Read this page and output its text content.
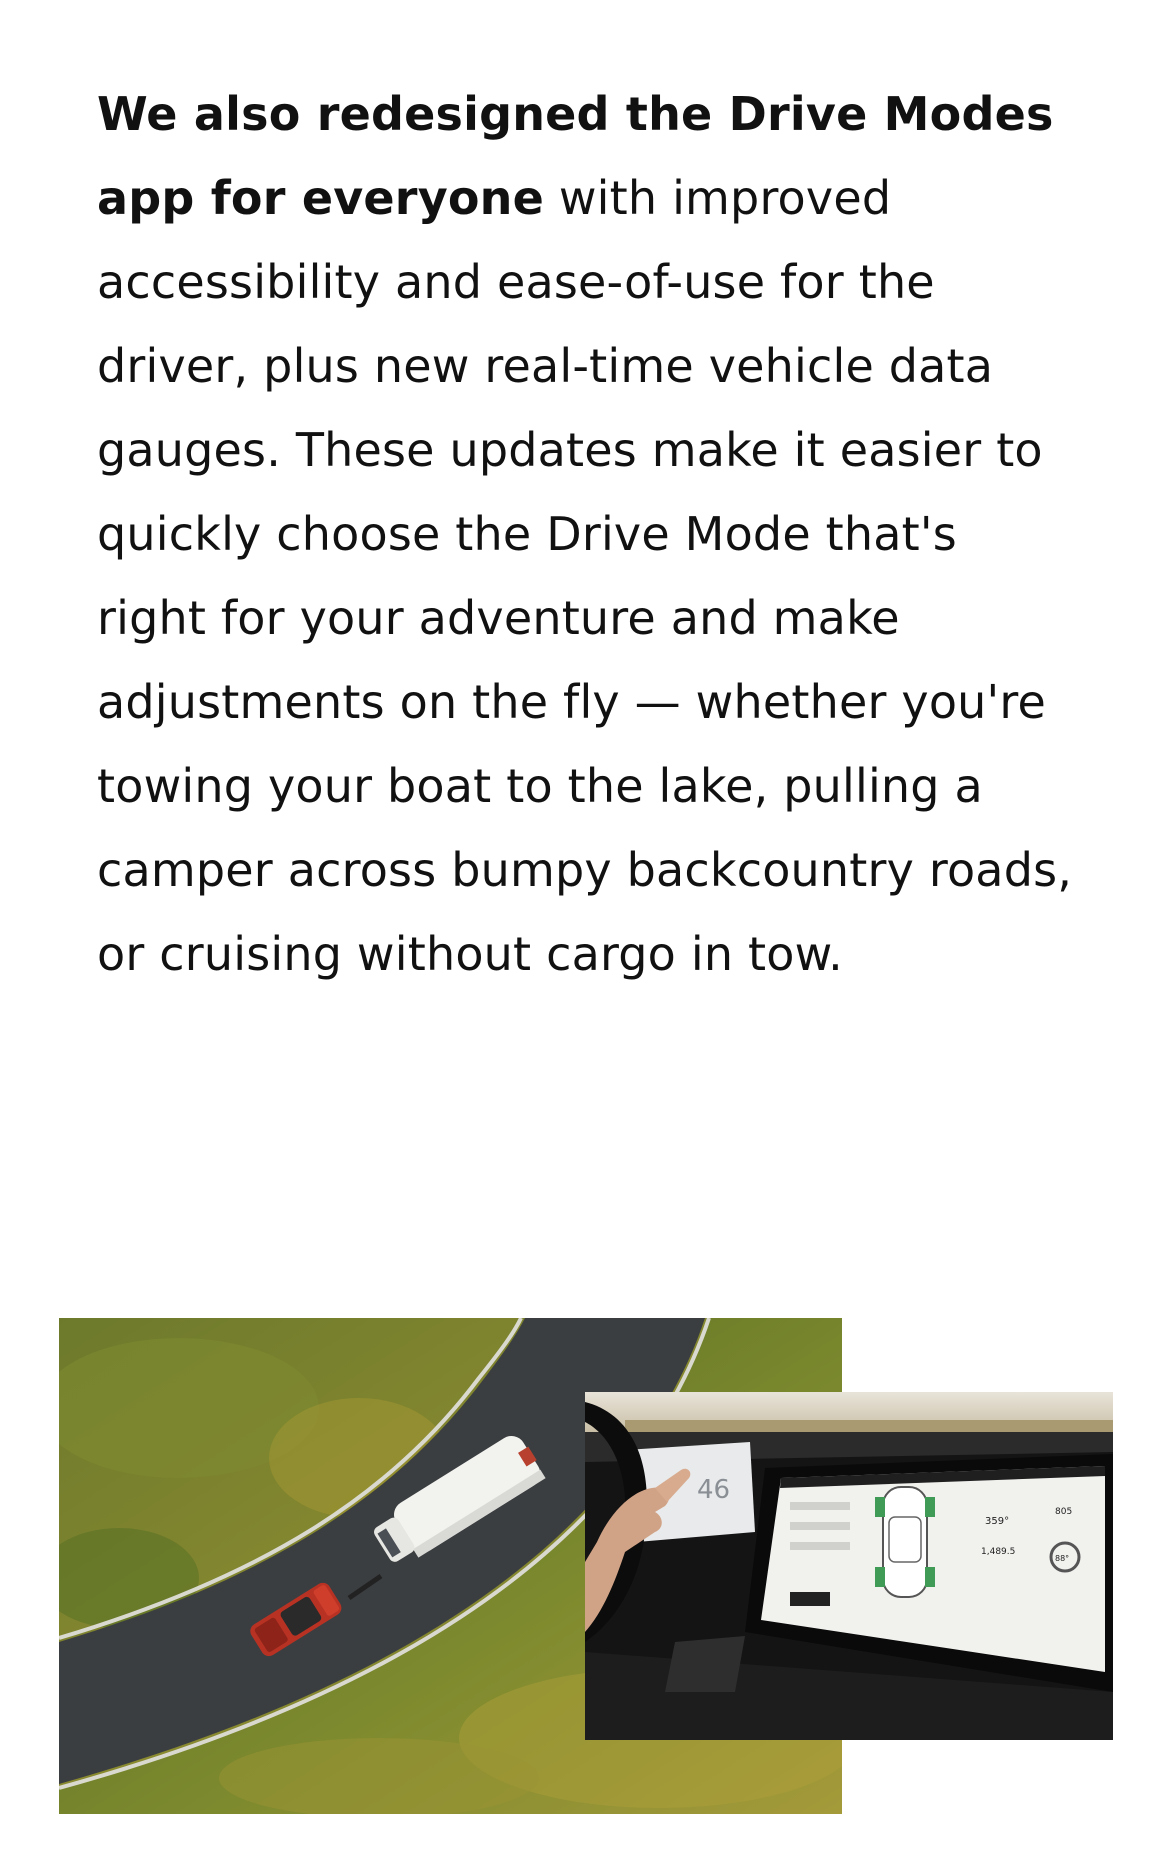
We also redesigned the Drive Modes app for everyone with improved accessibility and ease-of-use for the driver, plus new real-time vehicle data gauges. These updates make it easier to quickly choose the Drive Mode that's right for your adventure and make adjustments on the fly — whether you're towing your boat to the lake, pulling a camper across bumpy backcountry roads, or cruising without cargo in tow.

46
359°
805
1,489.5
88°
